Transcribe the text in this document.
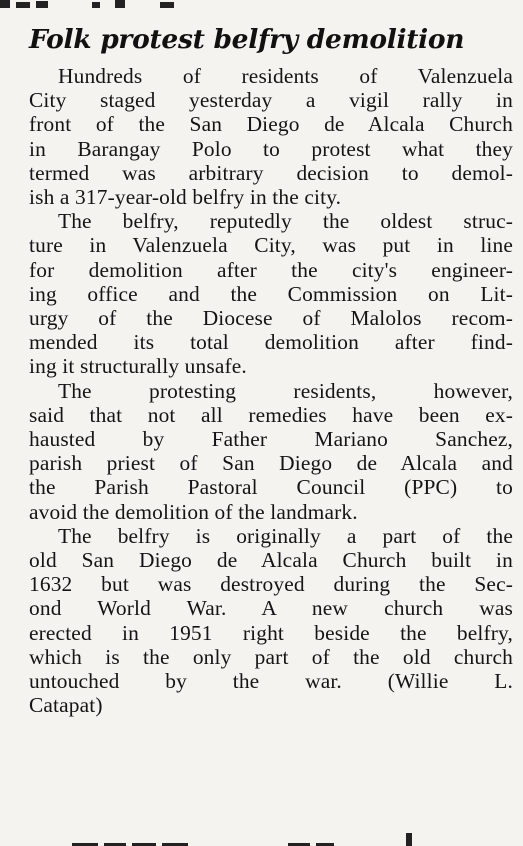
Folk protest belfry demolition

Hundreds of residents of Valenzuela
City staged yesterday a vigil rally in
front of the San Diego de Alcala Church
in Barangay Polo to protest what they
termed was arbitrary decision to demol-
ish a 317-year-old belfry in the city.

The belfry, reputedly the oldest struc-
ture in Valenzuela City, was put in line
for demolition after the city's engineer-
ing office and the Commission on Lit-
urgy of the Diocese of Malolos recom-
mended its total demolition after find-
ing it structurally unsafe.

The protesting residents, however,
said that not all remedies have been ex-
hausted by Father Mariano Sanchez,
parish priest of San Diego de Alcala and
the Parish Pastoral Council (PPC) to
avoid the demolition of the landmark.

The belfry is originally a part of the
old San Diego de Alcala Church built in
1632 but was destroyed during the Sec-
ond World War. A new church was
erected in 1951 right beside the belfry,
which is the only part of the old church
untouched by the war. (Willie L.
Catapat)
